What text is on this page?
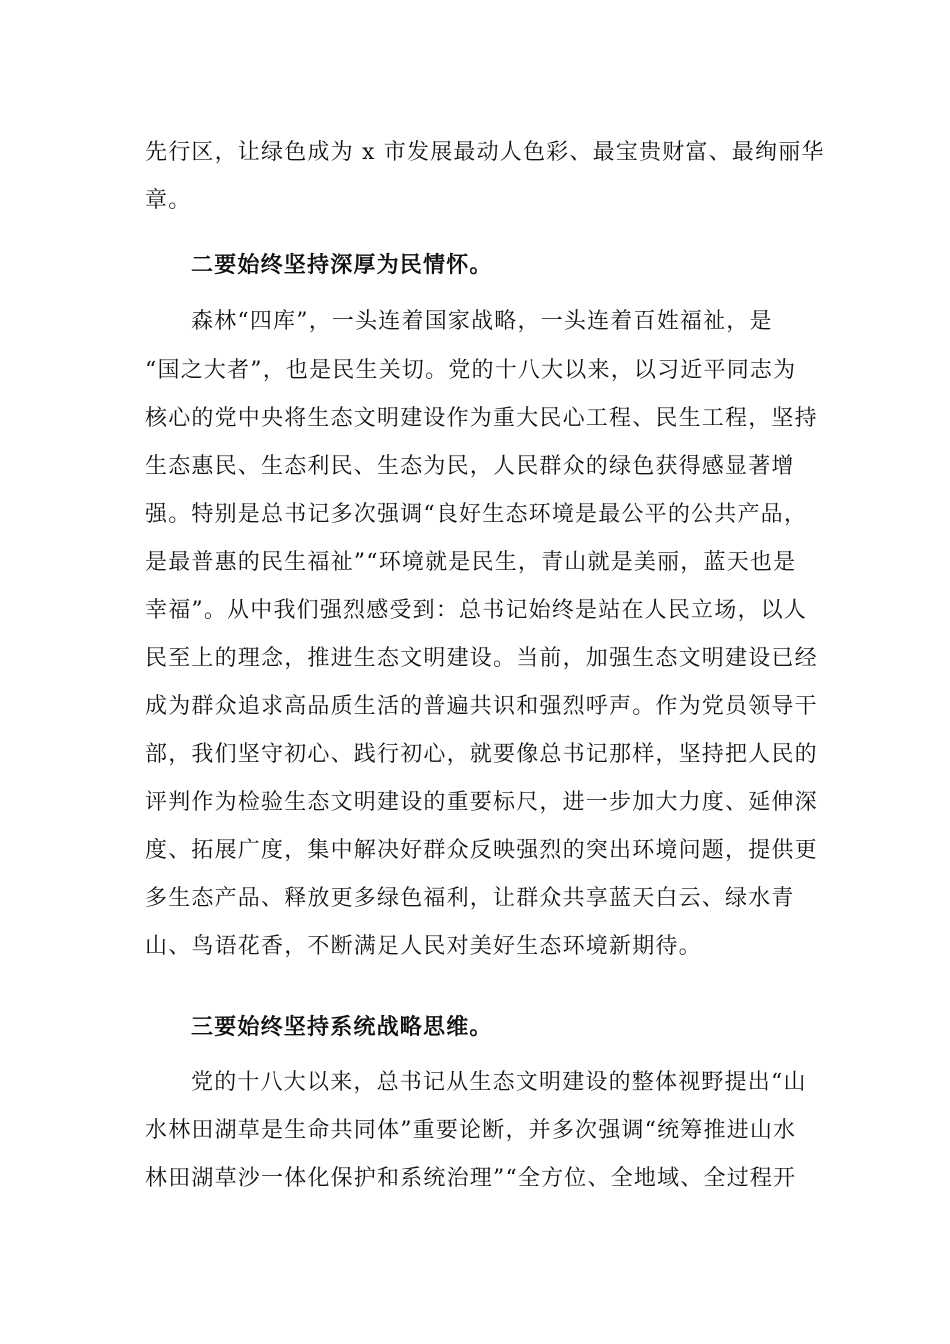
先行区，让绿色成为 x 市发展最动人色彩、最宝贵财富、最绚丽华
章。
二要始终坚持深厚为民情怀。
森林“四库”，一头连着国家战略，一头连着百姓福祉，是
“国之大者”，也是民生关切。党的十八大以来，以习近平同志为
核心的党中央将生态文明建设作为重大民心工程、民生工程，坚持
生态惠民、生态利民、生态为民，人民群众的绿色获得感显著增
强。特别是总书记多次强调“良好生态环境是最公平的公共产品，
是最普惠的民生福祉”“环境就是民生，青山就是美丽，蓝天也是
幸福”。从中我们强烈感受到：总书记始终是站在人民立场，以人
民至上的理念，推进生态文明建设。当前，加强生态文明建设已经
成为群众追求高品质生活的普遍共识和强烈呼声。作为党员领导干
部，我们坚守初心、践行初心，就要像总书记那样，坚持把人民的
评判作为检验生态文明建设的重要标尺，进一步加大力度、延伸深
度、拓展广度，集中解决好群众反映强烈的突出环境问题，提供更
多生态产品、释放更多绿色福利，让群众共享蓝天白云、绿水青
山、鸟语花香，不断满足人民对美好生态环境新期待。
三要始终坚持系统战略思维。
党的十八大以来，总书记从生态文明建设的整体视野提出“山
水林田湖草是生命共同体”重要论断，并多次强调“统筹推进山水
林田湖草沙一体化保护和系统治理”“全方位、全地域、全过程开
